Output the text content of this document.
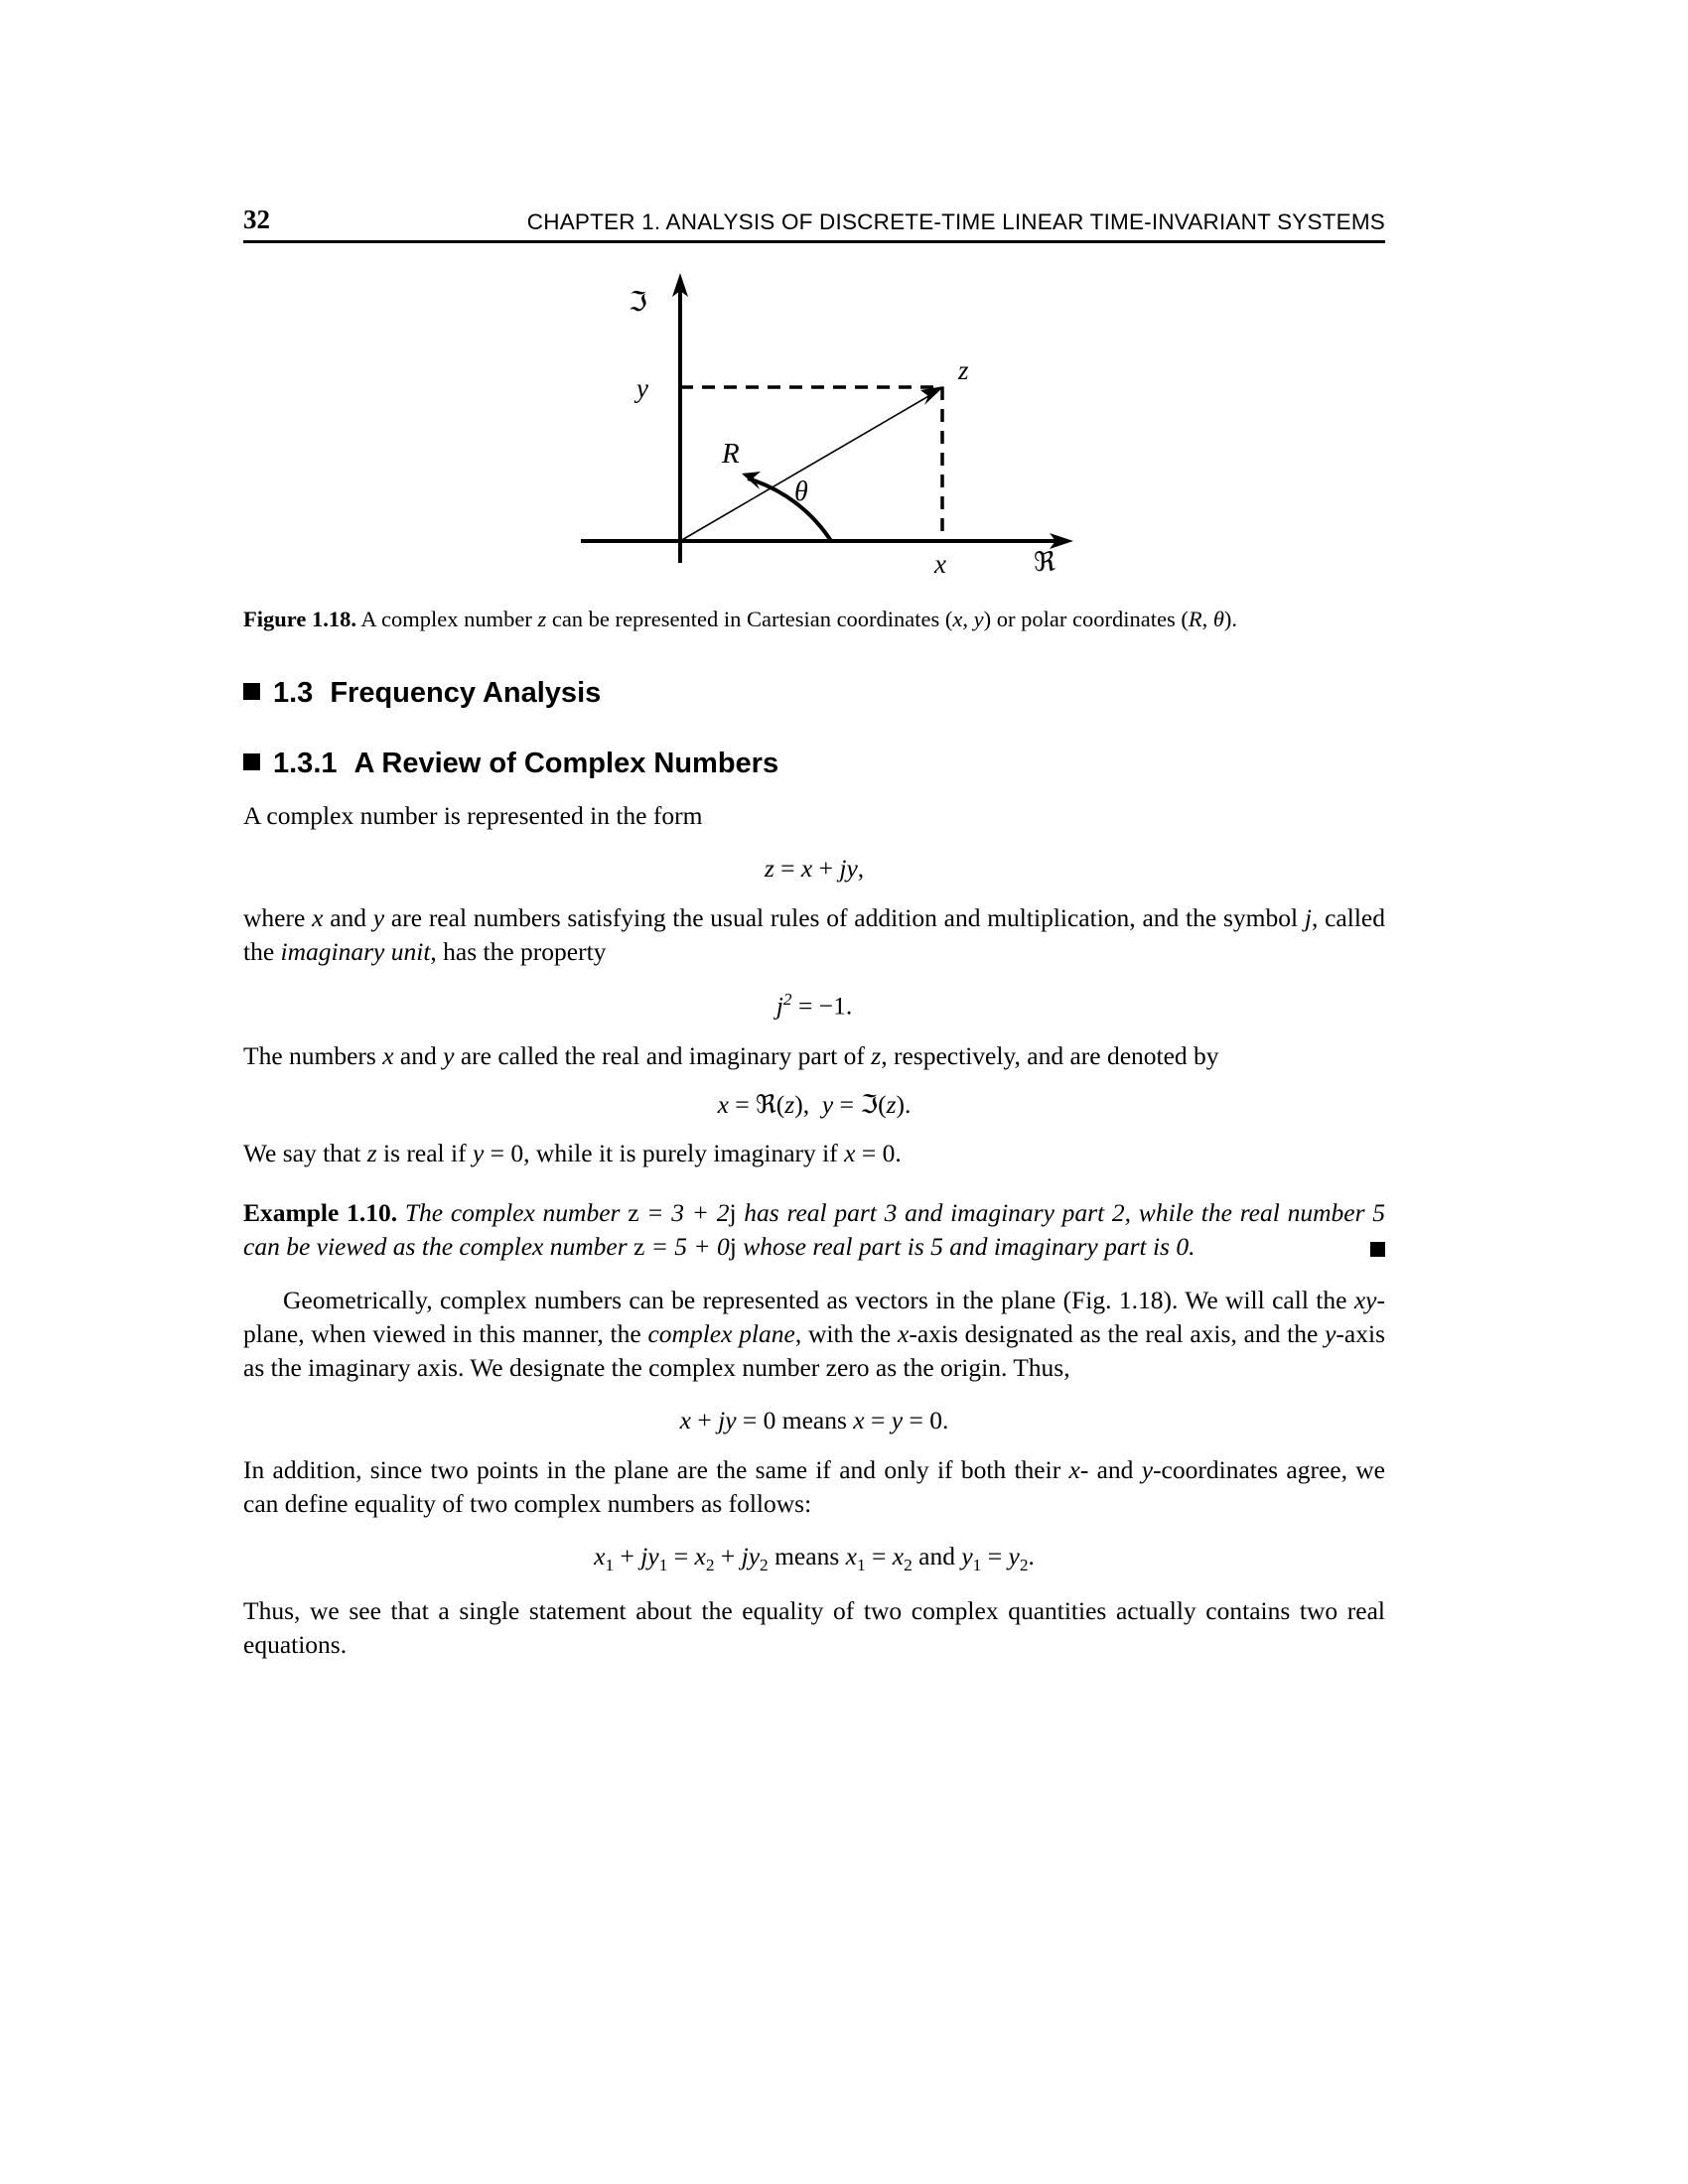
32	CHAPTER 1. ANALYSIS OF DISCRETE-TIME LINEAR TIME-INVARIANT SYSTEMS
ℑ
ℜ
y
x
z
R
θ
Figure 1.18. A complex number z can be represented in Cartesian coordinates (x, y) or polar coordinates (R, θ).
1.3 Frequency Analysis
1.3.1 A Review of Complex Numbers

A complex number is represented in the form

z = x + jy,

where x and y are real numbers satisfying the usual rules of addition and multiplication, and the symbol j, called the imaginary unit, has the property

$j^2 = -1$.

The numbers x and y are called the real and imaginary part of z, respectively, and are denoted by

x = ℜ(z),  y = ℑ(z).

We say that z is real if y = 0, while it is purely imaginary if x = 0.

Example 1.10. The complex number z = 3 + 2j has real part 3 and imaginary part 2, while the real number 5 can be viewed as the complex number z = 5 + 0j whose real part is 5 and imaginary part is 0.

Geometrically, complex numbers can be represented as vectors in the plane (Fig. 1.18). We will call the xy-plane, when viewed in this manner, the complex plane, with the x-axis designated as the real axis, and the y-axis as the imaginary axis. We designate the complex number zero as the origin. Thus,

x + jy = 0 means x = y = 0.

In addition, since two points in the plane are the same if and only if both their x- and y-coordinates agree, we can define equality of two complex numbers as follows:

$x_1 + jy_1 = x_2 + jy_2$ means $x_1 = x_2$ and $y_1 = y_2$.

Thus, we see that a single statement about the equality of two complex quantities actually contains two real equations.
